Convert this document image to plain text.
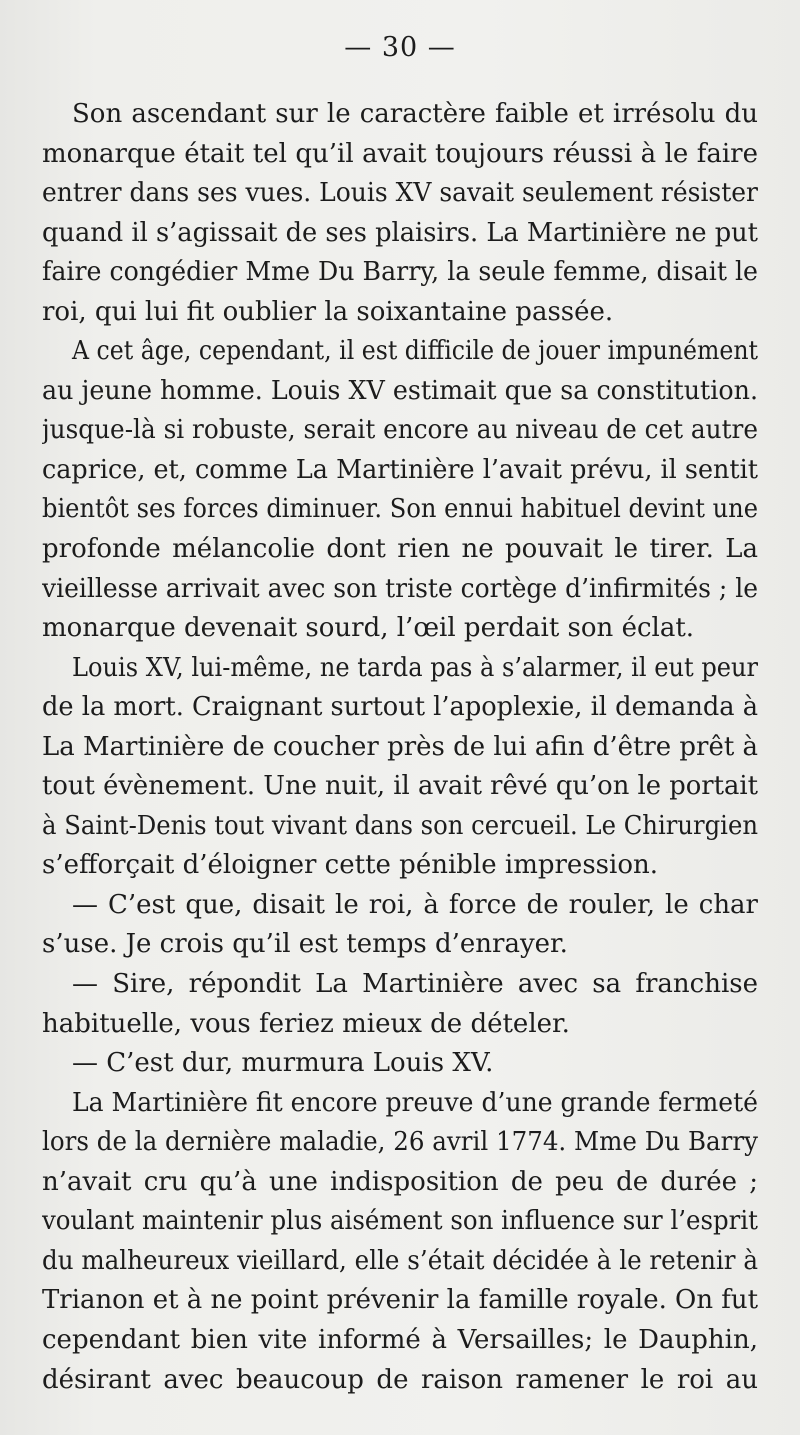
— 30 —
Son ascendant sur le caractère faible et irrésolu du
monarque était tel qu’il avait toujours réussi à le faire
entrer dans ses vues. Louis XV savait seulement résister
quand il s’agissait de ses plaisirs. La Martinière ne put
faire congédier Mme Du Barry, la seule femme, disait le
roi, qui lui fit oublier la soixantaine passée.
A cet âge, cependant, il est difficile de jouer impunément
au jeune homme. Louis XV estimait que sa constitution.
jusque-là si robuste, serait encore au niveau de cet autre
caprice, et, comme La Martinière l’avait prévu, il sentit
bientôt ses forces diminuer. Son ennui habituel devint une
profonde mélancolie dont rien ne pouvait le tirer. La
vieillesse arrivait avec son triste cortège d’infirmités ; le
monarque devenait sourd, l’œil perdait son éclat.
Louis XV, lui-même, ne tarda pas à s’alarmer, il eut peur
de la mort. Craignant surtout l’apoplexie, il demanda à
La Martinière de coucher près de lui afin d’être prêt à
tout évènement. Une nuit, il avait rêvé qu’on le portait
à Saint-Denis tout vivant dans son cercueil. Le Chirurgien
s’efforçait d’éloigner cette pénible impression.
— C’est que, disait le roi, à force de rouler, le char
s’use. Je crois qu’il est temps d’enrayer.
— Sire, répondit La Martinière avec sa franchise
habituelle, vous feriez mieux de dételer.
— C’est dur, murmura Louis XV.
La Martinière fit encore preuve d’une grande fermeté
lors de la dernière maladie, 26 avril 1774. Mme Du Barry
n’avait cru qu’à une indisposition de peu de durée ;
voulant maintenir plus aisément son influence sur l’esprit
du malheureux vieillard, elle s’était décidée à le retenir à
Trianon et à ne point prévenir la famille royale. On fut
cependant bien vite informé à Versailles; le Dauphin,
désirant avec beaucoup de raison ramener le roi au
